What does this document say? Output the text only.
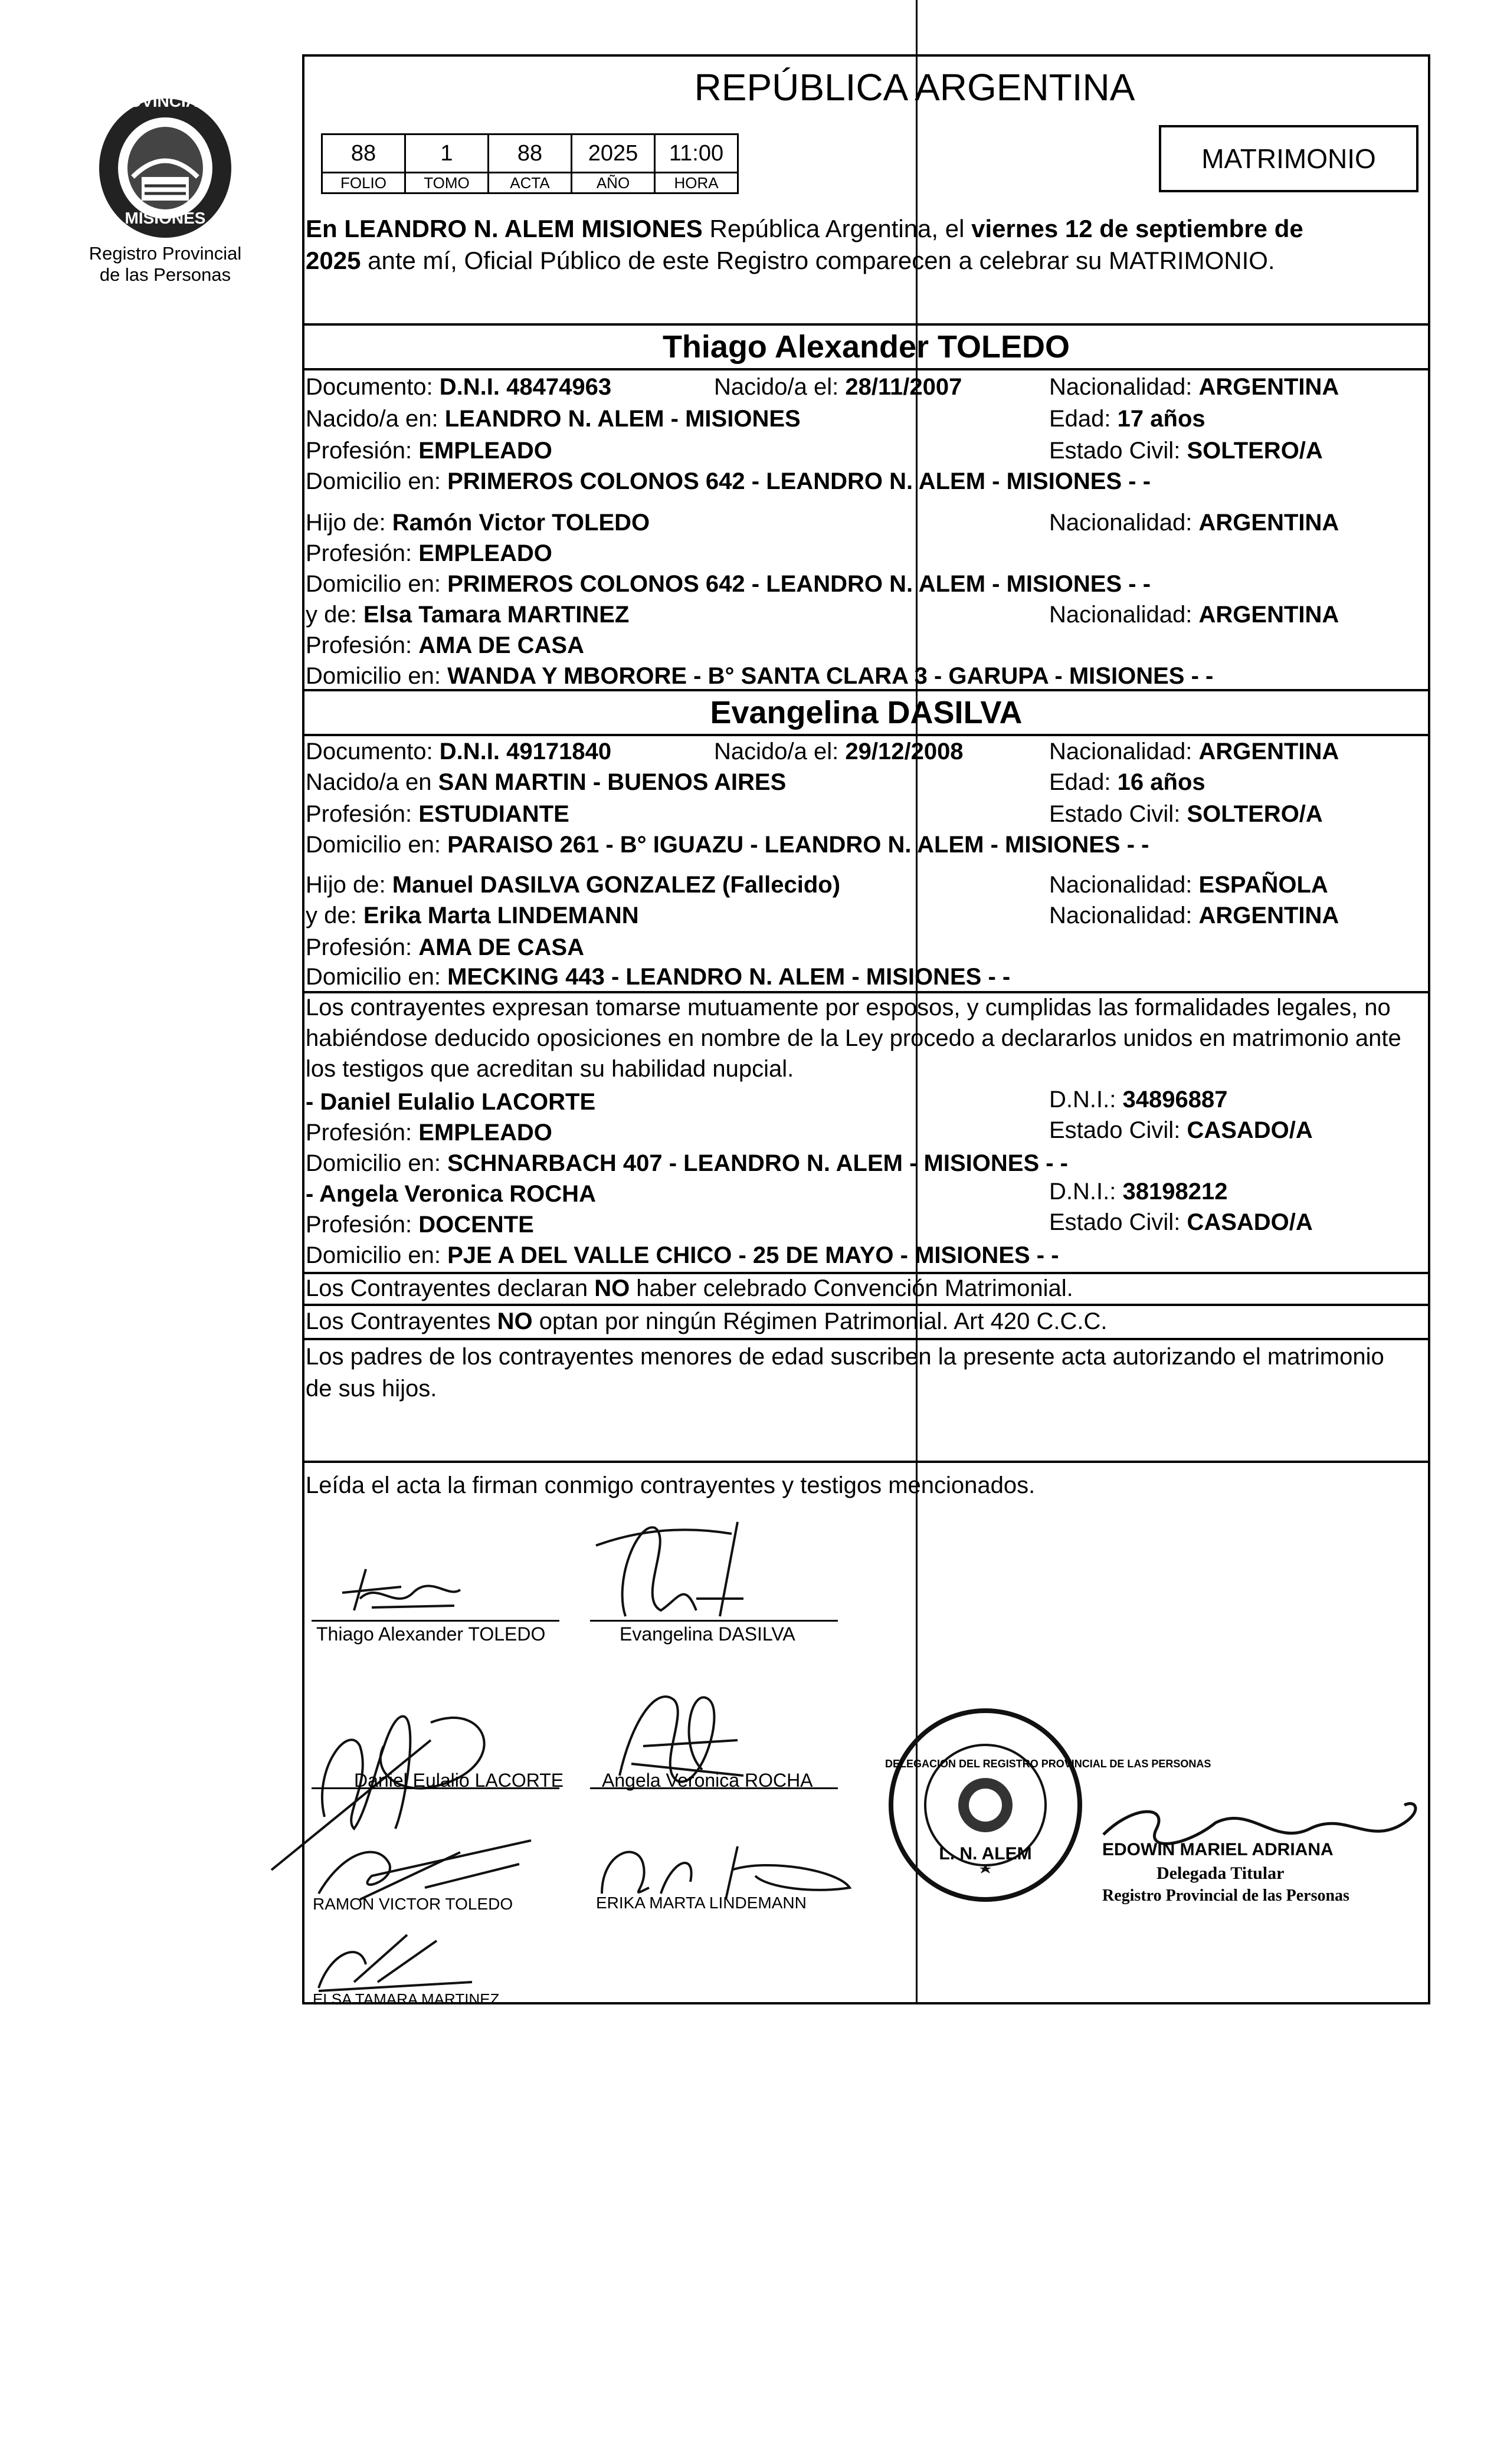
PROVINCIA DE
MISIONES
Registro Provincial de las Personas
REPÚBLICA ARGENTINA
88	1	88	2025	11:00
FOLIO	TOMO	ACTA	AÑO	HORA
MATRIMONIO
En LEANDRO N. ALEM MISIONES República Argentina, el viernes 12 de septiembre de
2025 ante mí, Oficial Público de este Registro comparecen a celebrar su MATRIMONIO.
Thiago Alexander TOLEDO
Documento: D.N.I. 48474963	Nacido/a el: 28/11/2007	Nacionalidad: ARGENTINA
Nacido/a en: LEANDRO N. ALEM - MISIONES	Edad: 17 años
Profesión: EMPLEADO	Estado Civil: SOLTERO/A
Domicilio en: PRIMEROS COLONOS 642 - LEANDRO N. ALEM - MISIONES - -
Hijo de: Ramón Victor TOLEDO	Nacionalidad: ARGENTINA
Profesión: EMPLEADO
Domicilio en: PRIMEROS COLONOS 642 - LEANDRO N. ALEM - MISIONES - -
y de: Elsa Tamara MARTINEZ	Nacionalidad: ARGENTINA
Profesión: AMA DE CASA
Domicilio en: WANDA Y MBORORE - B° SANTA CLARA 3 - GARUPA - MISIONES - -
Evangelina DASILVA
Documento: D.N.I. 49171840	Nacido/a el: 29/12/2008	Nacionalidad: ARGENTINA
Nacido/a en SAN MARTIN - BUENOS AIRES	Edad: 16 años
Profesión: ESTUDIANTE	Estado Civil: SOLTERO/A
Domicilio en: PARAISO 261 - B° IGUAZU - LEANDRO N. ALEM - MISIONES - -
Hijo de: Manuel DASILVA GONZALEZ (Fallecido)	Nacionalidad: ESPAÑOLA
y de: Erika Marta LINDEMANN	Nacionalidad: ARGENTINA
Profesión: AMA DE CASA
Domicilio en: MECKING 443 - LEANDRO N. ALEM - MISIONES - -
Los contrayentes expresan tomarse mutuamente por esposos, y cumplidas las formalidades legales, no
habiéndose deducido oposiciones en nombre de la Ley procedo a declararlos unidos en matrimonio ante
los testigos que acreditan su habilidad nupcial.
- Daniel Eulalio LACORTE	D.N.I.: 34896887
Profesión: EMPLEADO	Estado Civil: CASADO/A
Domicilio en: SCHNARBACH 407 - LEANDRO N. ALEM - MISIONES - -
- Angela Veronica ROCHA	D.N.I.: 38198212
Profesión: DOCENTE	Estado Civil: CASADO/A
Domicilio en: PJE A DEL VALLE CHICO - 25 DE MAYO - MISIONES - -
Los Contrayentes declaran NO haber celebrado Convención Matrimonial.
Los Contrayentes NO optan por ningún Régimen Patrimonial. Art 420 C.C.C.
Los padres de los contrayentes menores de edad suscriben la presente acta autorizando el matrimonio
de sus hijos.
Leída el acta la firman conmigo contrayentes y testigos mencionados.
Thiago Alexander TOLEDO	Evangelina DASILVA
Daniel Eulalio LACORTE Angela Veronica ROCHA
RAMON VICTOR TOLEDO	ERIKA MARTA LINDEMANN
ELSA TAMARA MARTINEZ
DELEGACION DEL REGISTRO PROVINCIAL DE LAS PERSONAS
L. N. ALEM	EDOWIN MARIEL ADRIANA
Delegada Titular
Registro Provincial de las Personas
